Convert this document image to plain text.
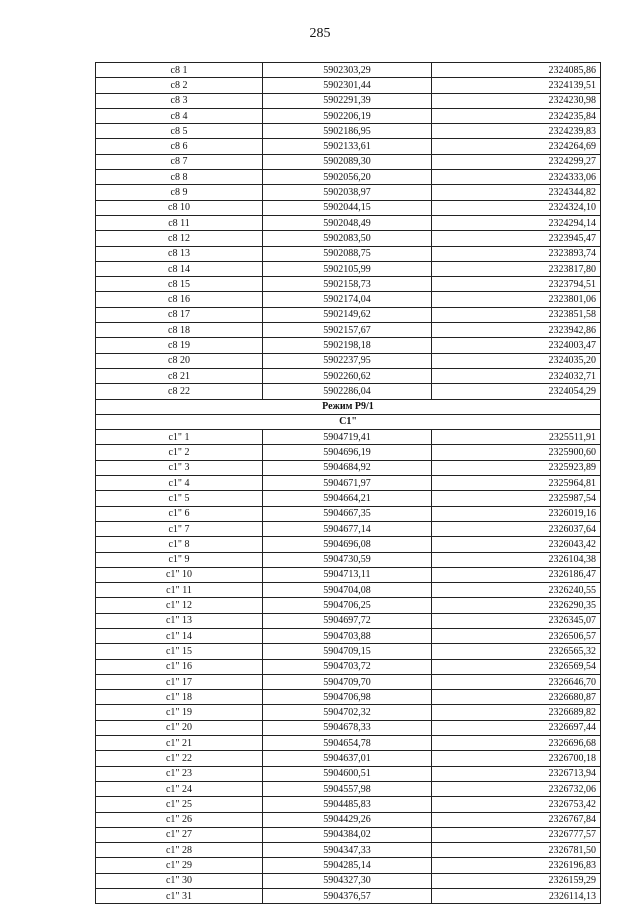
285
с8 1	5902303,29	2324085,86
с8 2	5902301,44	2324139,51
с8 3	5902291,39	2324230,98
с8 4	5902206,19	2324235,84
с8 5	5902186,95	2324239,83
с8 6	5902133,61	2324264,69
с8 7	5902089,30	2324299,27
с8 8	5902056,20	2324333,06
с8 9	5902038,97	2324344,82
с8 10	5902044,15	2324324,10
с8 11	5902048,49	2324294,14
с8 12	5902083,50	2323945,47
с8 13	5902088,75	2323893,74
с8 14	5902105,99	2323817,80
с8 15	5902158,73	2323794,51
с8 16	5902174,04	2323801,06
с8 17	5902149,62	2323851,58
с8 18	5902157,67	2323942,86
с8 19	5902198,18	2324003,47
с8 20	5902237,95	2324035,20
с8 21	5902260,62	2324032,71
с8 22	5902286,04	2324054,29
Режим Р9/1		
С1"		
с1" 1	5904719,41	2325511,91
с1" 2	5904696,19	2325900,60
с1" 3	5904684,92	2325923,89
с1" 4	5904671,97	2325964,81
с1" 5	5904664,21	2325987,54
с1" 6	5904667,35	2326019,16
с1" 7	5904677,14	2326037,64
с1" 8	5904696,08	2326043,42
с1" 9	5904730,59	2326104,38
с1" 10	5904713,11	2326186,47
с1" 11	5904704,08	2326240,55
с1" 12	5904706,25	2326290,35
с1" 13	5904697,72	2326345,07
с1" 14	5904703,88	2326506,57
с1" 15	5904709,15	2326565,32
с1" 16	5904703,72	2326569,54
с1" 17	5904709,70	2326646,70
с1" 18	5904706,98	2326680,87
с1" 19	5904702,32	2326689,82
с1" 20	5904678,33	2326697,44
с1" 21	5904654,78	2326696,68
с1" 22	5904637,01	2326700,18
с1" 23	5904600,51	2326713,94
с1" 24	5904557,98	2326732,06
с1" 25	5904485,83	2326753,42
с1" 26	5904429,26	2326767,84
с1" 27	5904384,02	2326777,57
с1" 28	5904347,33	2326781,50
с1" 29	5904285,14	2326196,83
с1" 30	5904327,30	2326159,29
с1" 31	5904376,57	2326114,13
